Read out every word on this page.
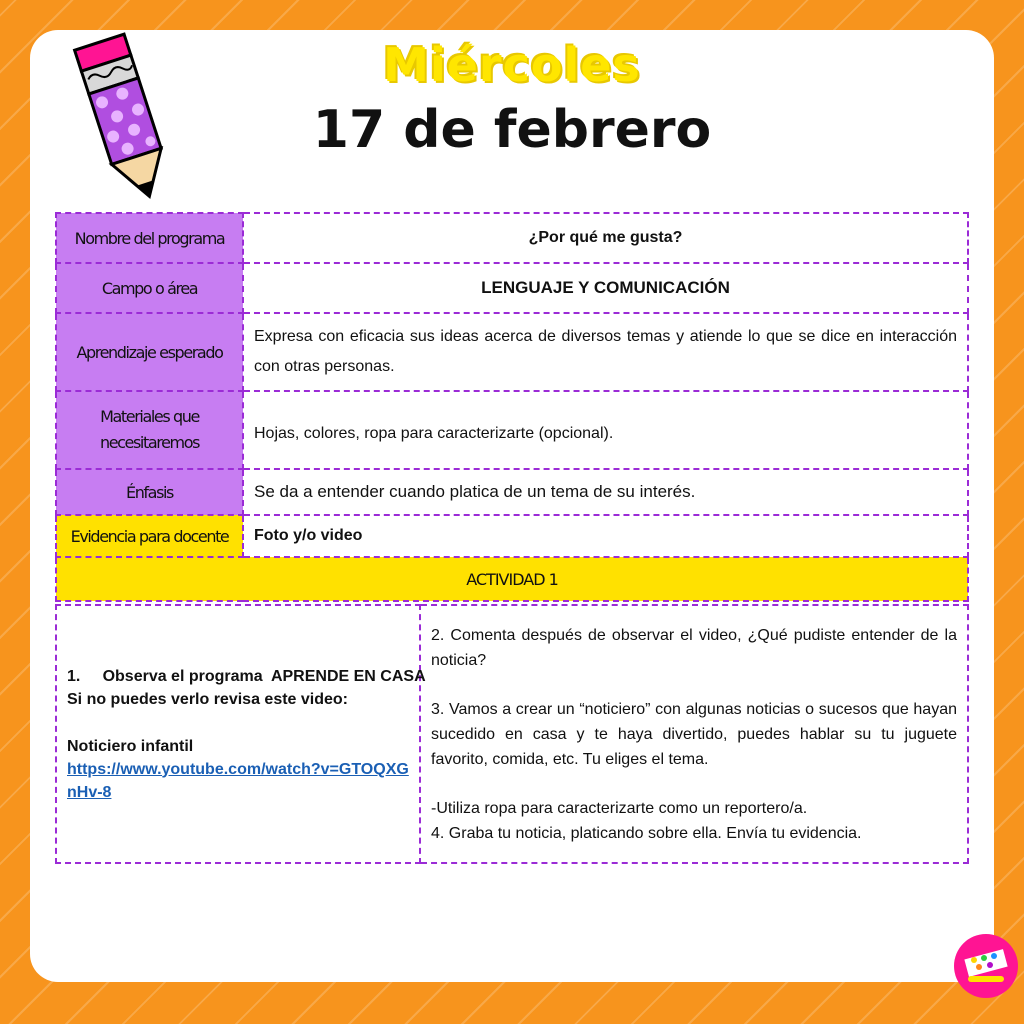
Miércoles
17 de febrero
Nombre del programa	¿Por qué me gusta?
Campo o área	LENGUAJE Y COMUNICACIÓN
Aprendizaje esperado	Expresa con eficacia sus ideas acerca de diversos temas y atiende lo que se dice en interacción con otras personas.
Materiales que necesitaremos	Hojas, colores, ropa para caracterizarte (opcional).
Énfasis	Se da a entender cuando platica de un tema de su interés.
Evidencia para docente	Foto y/o video
ACTIVIDAD 1	

1.     Observa el programa  APRENDE EN CASA

Si no puedes verlo revisa este video:

Noticiero infantil

https://www.youtube.com/watch?v=GTOQXGnHv-8	

2. Comenta después de observar el video, ¿Qué pudiste entender de la noticia?

3. Vamos a crear un “noticiero” con algunas noticias o sucesos que hayan sucedido en casa y te haya divertido, puedes hablar su tu juguete favorito, comida, etc. Tu eliges el tema.

-Utiliza ropa para caracterizarte como un reportero/a.

4. Graba tu noticia, platicando sobre ella. Envía tu evidencia.
